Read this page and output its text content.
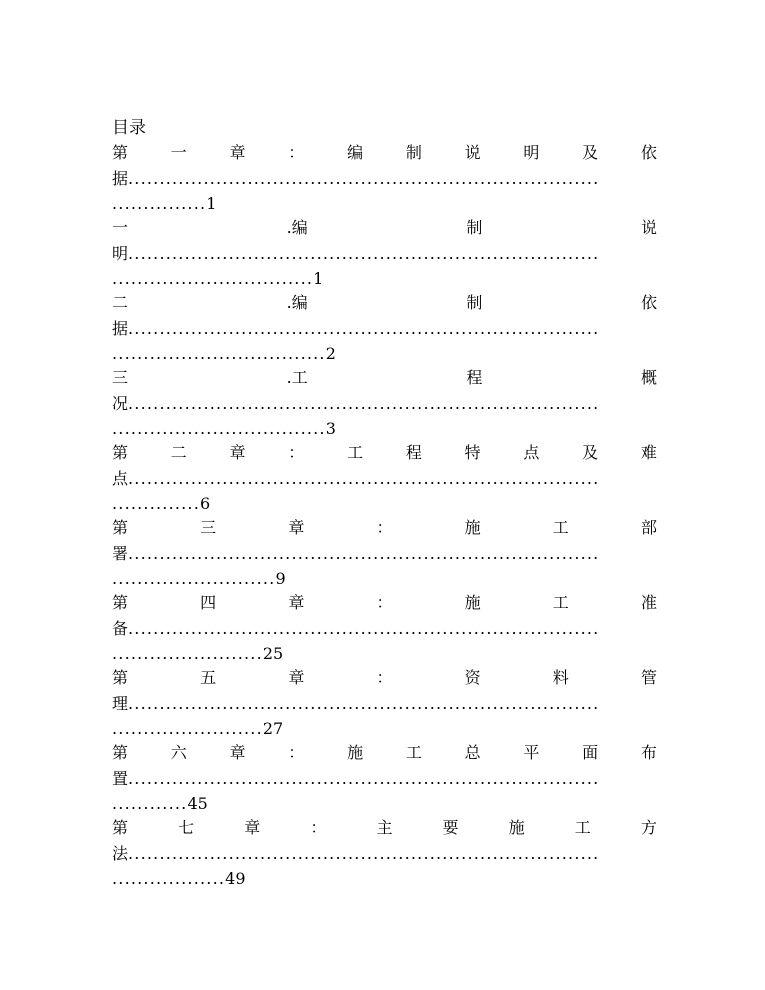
目录
第	一	章	：	编	制	说	明	及	依
据...........................................................................
...............1
一	.编	制	说
明...........................................................................
................................1
二	.编	制	依
据...........................................................................
..................................2
三	.工	程	概
况...........................................................................
..................................3
第	二	章	：	工	程	特	点	及	难
点...........................................................................
..............6
第	三	章	：	施	工	部
署...........................................................................
..........................9
第	四	章	：	施	工	准
备...........................................................................
........................25
第	五	章	：	资	料	管
理...........................................................................
........................27
第	六	章	：	施	工	总	平	面	布
置...........................................................................
............45
第	七	章	：	主	要	施	工	方
法...........................................................................
..................49
